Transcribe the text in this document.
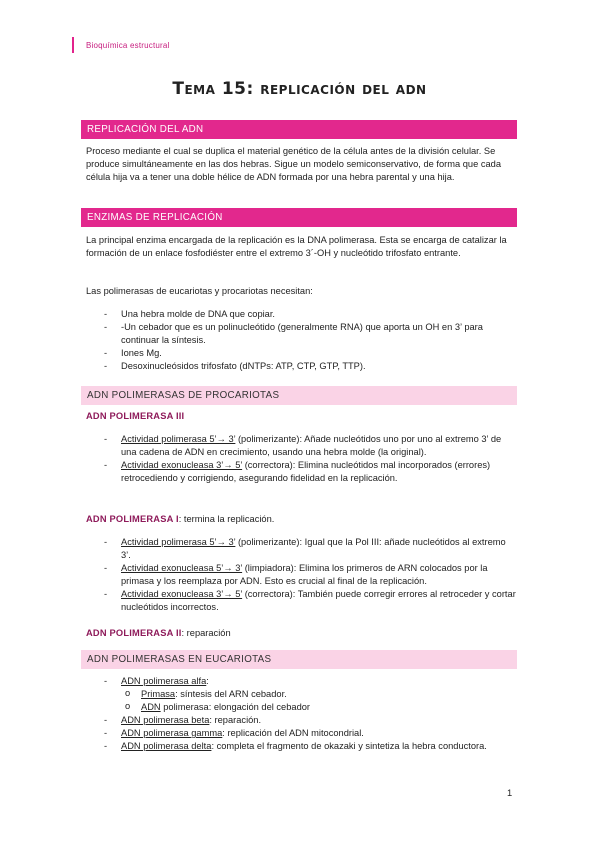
Bioquímica estructural
Tema 15: replicación del adn
REPLICACIÓN DEL ADN

Proceso mediante el cual se duplica el material genético de la célula antes de la división celular. Se produce simultáneamente en las dos hebras. Sigue un modelo semiconservativo, de forma que cada célula hija va a tener una doble hélice de ADN formada por una hebra parental y una hija.

ENZIMAS DE REPLICACIÓN

La principal enzima encargada de la replicación es la DNA polimerasa. Esta se encarga de catalizar la formación de un enlace fosfodiéster entre el extremo 3´-OH y nucleótido trifosfato entrante.

Las polimerasas de eucariotas y procariotas necesitan:

- Una hebra molde de DNA que copiar.
- -Un cebador que es un polinucleótido (generalmente RNA) que aporta un OH en 3’ para continuar la síntesis.
- Iones Mg.
- Desoxinucleósidos trifosfato (dNTPs: ATP, CTP, GTP, TTP).
ADN POLIMERASAS DE PROCARIOTAS
ADN POLIMERASA III
- Actividad polimerasa 5’→ 3’ (polimerizante): Añade nucleótidos uno por uno al extremo 3’ de una cadena de ADN en crecimiento, usando una hebra molde (la original).
- Actividad exonucleasa 3’→ 5’ (correctora): Elimina nucleótidos mal incorporados (errores) retrocediendo y corrigiendo, asegurando fidelidad en la replicación.
ADN POLIMERASA I: termina la replicación.
- Actividad polimerasa 5’→ 3’ (polimerizante): Igual que la Pol III: añade nucleótidos al extremo 3’.
- Actividad exonucleasa 5’→ 3’ (limpiadora): Elimina los primeros de ARN colocados por la primasa y los reemplaza por ADN. Esto es crucial al final de la replicación.
- Actividad exonucleasa 3’→ 5’ (correctora): También puede corregir errores al retroceder y cortar nucleótidos incorrectos.
ADN POLIMERASA II: reparación
ADN POLIMERASAS EN EUCARIOTAS
- ADN polimerasa alfa:
o Primasa: síntesis del ARN cebador.
o ADN polimerasa: elongación del cebador
- ADN polimerasa beta: reparación.
- ADN polimerasa gamma: replicación del ADN mitocondrial.
- ADN polimerasa delta: completa el fragmento de okazaki y sintetiza la hebra conductora.
1
